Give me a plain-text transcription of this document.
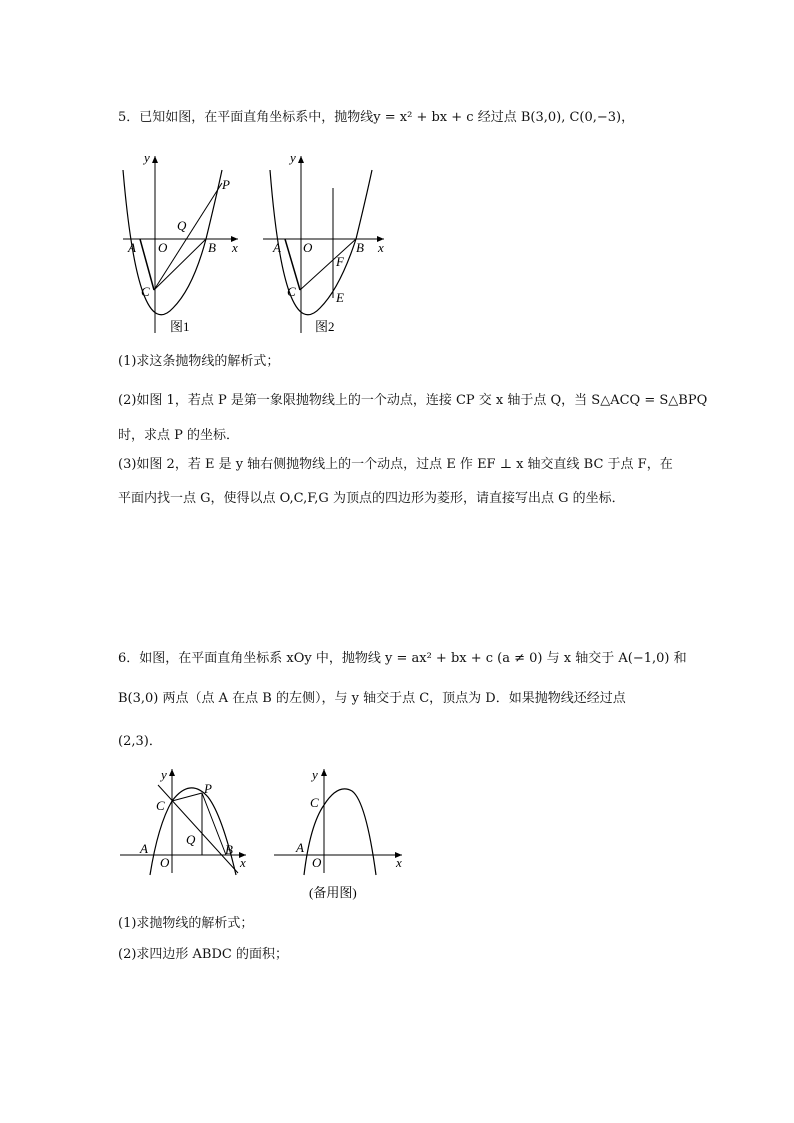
5．已知如图，在平面直角坐标系中，抛物线y = x² + bx + c 经过点 B(3,0), C(0,−3)，
y
x
A O	B
C
P
Q
图1
y
x
A O	B
C	E
F
图2
(1)求这条抛物线的解析式；
(2)如图 1，若点 P 是第一象限抛物线上的一个动点，连接 CP 交 x 轴于点 Q，当 S△ACQ = S△BPQ
时，求点 P 的坐标．
(3)如图 2，若 E 是 y 轴右侧抛物线上的一个动点，过点 E 作 EF ⊥ x 轴交直线 BC 于点 F，在
平面内找一点 G，使得以点 O,C,F,G 为顶点的四边形为菱形，请直接写出点 G 的坐标．
6．如图，在平面直角坐标系 xOy 中，抛物线 y = ax² + bx + c (a ≠ 0) 与 x 轴交于 A(−1,0) 和
B(3,0) 两点（点 A 在点 B 的左侧），与 y 轴交于点 C，顶点为 D．如果抛物线还经过点
(2,3)．
y
x
A
O
B
C
P
Q
y
x
A
O
C
(备用图)
(1)求抛物线的解析式；
(2)求四边形 ABDC 的面积；
